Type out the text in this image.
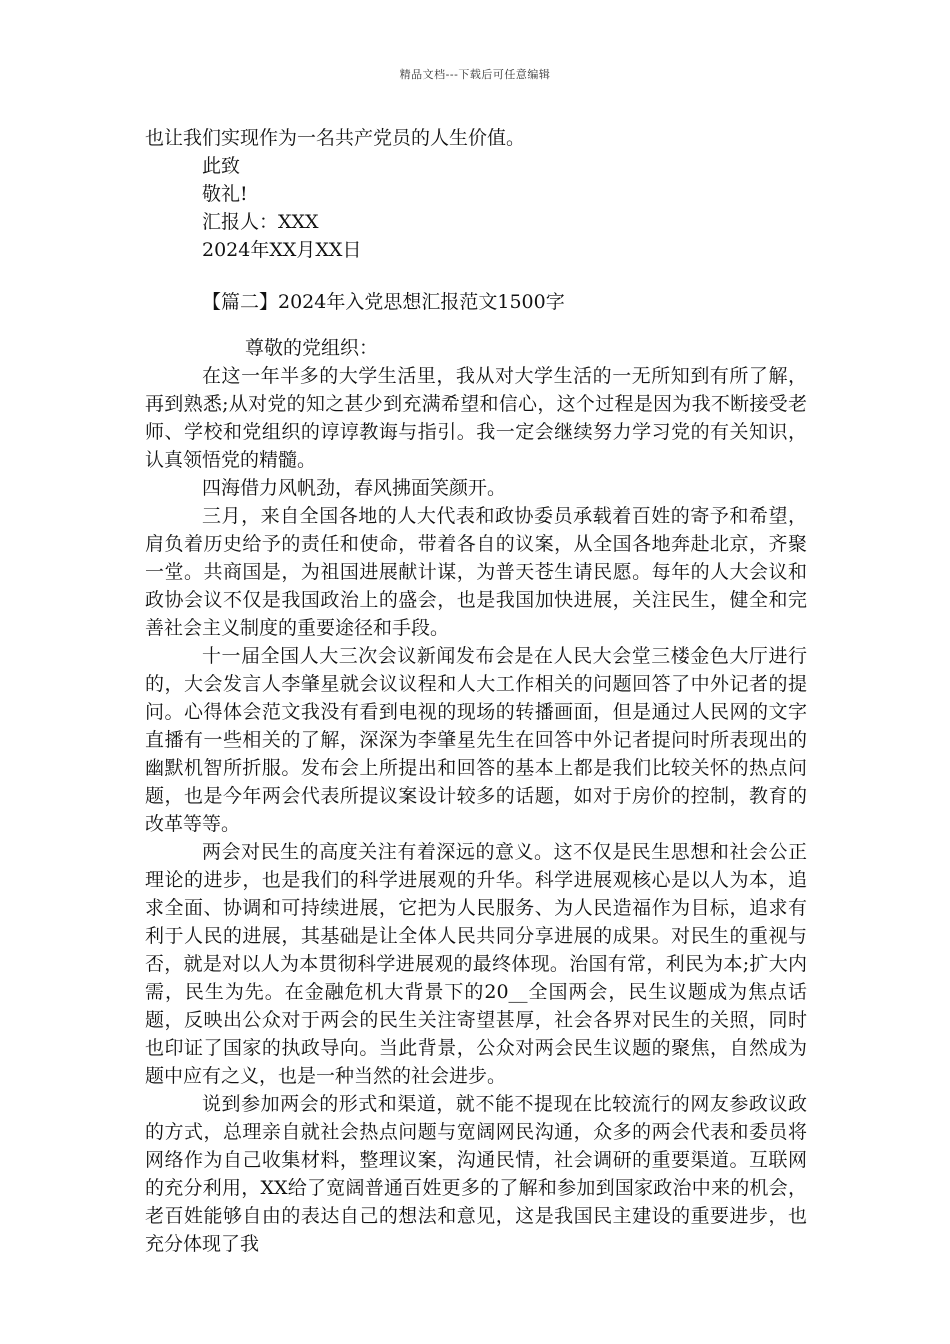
精品文档---下载后可任意编辑
也让我们实现作为一名共产党员的人生价值。
此致
敬礼!
汇报人：XXX
2024年XX月XX日
【篇二】2024年入党思想汇报范文1500字
尊敬的党组织：

在这一年半多的大学生活里，我从对大学生活的一无所知到有所了解，再到熟悉;从对党的知之甚少到充满希望和信心，这个过程是因为我不断接受老师、学校和党组织的谆谆教诲与指引。我一定会继续努力学习党的有关知识，认真领悟党的精髓。

四海借力风帆劲，春风拂面笑颜开。

三月，来自全国各地的人大代表和政协委员承载着百姓的寄予和希望，肩负着历史给予的责任和使命，带着各自的议案，从全国各地奔赴北京，齐聚一堂。共商国是，为祖国进展献计谋，为普天苍生请民愿。每年的人大会议和政协会议不仅是我国政治上的盛会，也是我国加快进展，关注民生，健全和完善社会主义制度的重要途径和手段。

十一届全国人大三次会议新闻发布会是在人民大会堂三楼金色大厅进行的，大会发言人李肇星就会议议程和人大工作相关的问题回答了中外记者的提问。心得体会范文我没有看到电视的现场的转播画面，但是通过人民网的文字直播有一些相关的了解，深深为李肇星先生在回答中外记者提问时所表现出的幽默机智所折服。发布会上所提出和回答的基本上都是我们比较关怀的热点问题，也是今年两会代表所提议案设计较多的话题，如对于房价的控制，教育的改革等等。

两会对民生的高度关注有着深远的意义。这不仅是民生思想和社会公正理论的进步，也是我们的科学进展观的升华。科学进展观核心是以人为本，追求全面、协调和可持续进展，它把为人民服务、为人民造福作为目标，追求有利于人民的进展，其基础是让全体人民共同分享进展的成果。对民生的重视与否，就是对以人为本贯彻科学进展观的最终体现。治国有常，利民为本;扩大内需，民生为先。在金融危机大背景下的20__全国两会，民生议题成为焦点话题，反映出公众对于两会的民生关注寄望甚厚，社会各界对民生的关照，同时也印证了国家的执政导向。当此背景，公众对两会民生议题的聚焦，自然成为题中应有之义，也是一种当然的社会进步。

说到参加两会的形式和渠道，就不能不提现在比较流行的网友参政议政的方式，总理亲自就社会热点问题与宽阔网民沟通，众多的两会代表和委员将网络作为自己收集材料，整理议案，沟通民情，社会调研的重要渠道。互联网的充分利用，XX给了宽阔普通百姓更多的了解和参加到国家政治中来的机会，老百姓能够自由的表达自己的想法和意见，这是我国民主建设的重要进步，也充分体现了我
